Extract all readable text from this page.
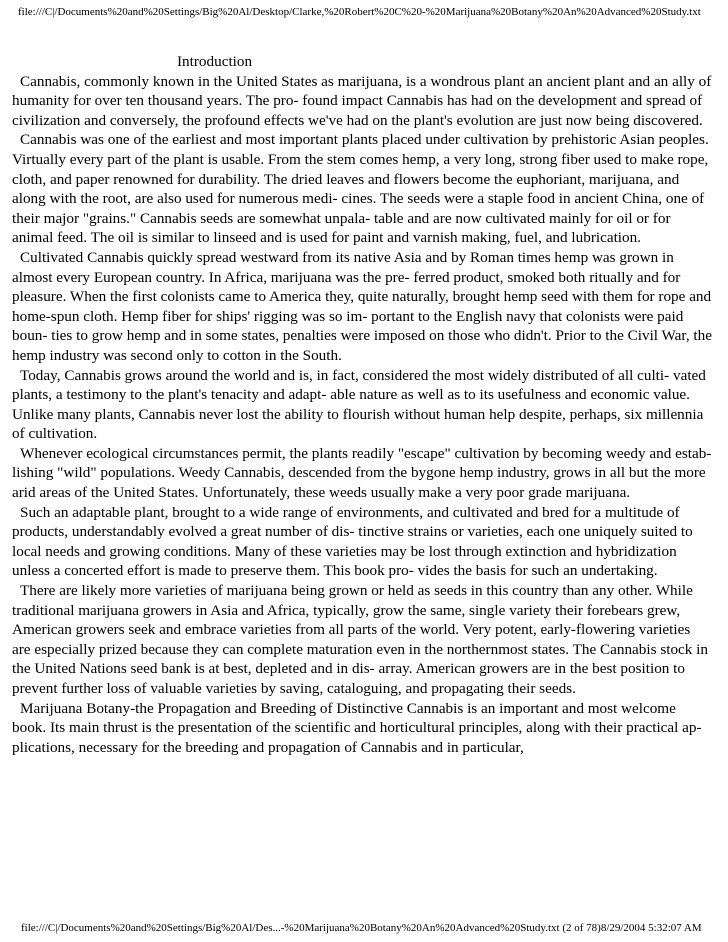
file:///C|/Documents%20and%20Settings/Big%20Al/Desktop/Clarke,%20Robert%20C%20-%20Marijuana%20Botany%20An%20Advanced%20Study.txt
Introduction
Cannabis, commonly known in the United States as marijuana, is a wondrous plant an ancient plant and an ally of humanity for over ten thousand years. The pro- found impact Cannabis has had on the development and spread of civilization and conversely, the profound effects we've had on the plant's evolution are just now being discovered.
Cannabis was one of the earliest and most important plants placed under cultivation by prehistoric Asian peoples. Virtually every part of the plant is usable. From the stem comes hemp, a very long, strong fiber used to make rope, cloth, and paper renowned for durability. The dried leaves and flowers become the euphoriant, marijuana, and along with the root, are also used for numerous medi- cines. The seeds were a staple food in ancient China, one of their major "grains." Cannabis seeds are somewhat unpala- table and are now cultivated mainly for oil or for animal feed. The oil is similar to linseed and is used for paint and varnish making, fuel, and lubrication.
Cultivated Cannabis quickly spread westward from its native Asia and by Roman times hemp was grown in almost every European country. In Africa, marijuana was the pre- ferred product, smoked both ritually and for pleasure. When the first colonists came to America they, quite naturally, brought hemp seed with them for rope and home-spun cloth. Hemp fiber for ships' rigging was so im- portant to the English navy that colonists were paid boun- ties to grow hemp and in some states, penalties were imposed on those who didn't. Prior to the Civil War, the hemp industry was second only to cotton in the South.
Today, Cannabis grows around the world and is, in fact, considered the most widely distributed of all culti- vated plants, a testimony to the plant's tenacity and adapt- able nature as well as to its usefulness and economic value. Unlike many plants, Cannabis never lost the ability to flourish without human help despite, perhaps, six millennia of cultivation.
Whenever ecological circumstances permit, the plants readily "escape" cultivation by becoming weedy and estab- lishing "wild" populations. Weedy Cannabis, descended from the bygone hemp industry, grows in all but the more arid areas of the United States. Unfortunately, these weeds usually make a very poor grade marijuana.
Such an adaptable plant, brought to a wide range of environments, and cultivated and bred for a multitude of products, understandably evolved a great number of dis- tinctive strains or varieties, each one uniquely suited to local needs and growing conditions. Many of these varieties may be lost through extinction and hybridization unless a concerted effort is made to preserve them. This book pro- vides the basis for such an undertaking.
There are likely more varieties of marijuana being grown or held as seeds in this country than any other. While traditional marijuana growers in Asia and Africa, typically, grow the same, single variety their forebears grew, American growers seek and embrace varieties from all parts of the world. Very potent, early-flowering varieties are especially prized because they can complete maturation even in the northernmost states. The Cannabis stock in the United Nations seed bank is at best, depleted and in dis- array. American growers are in the best position to prevent further loss of valuable varieties by saving, cataloguing, and propagating their seeds.
Marijuana Botany-the Propagation and Breeding of Distinctive Cannabis is an important and most welcome book. Its main thrust is the presentation of the scientific and horticultural principles, along with their practical ap- plications, necessary for the breeding and propagation of Cannabis and in particular,
file:///C|/Documents%20and%20Settings/Big%20Al/Des...-%20Marijuana%20Botany%20An%20Advanced%20Study.txt (2 of 78)8/29/2004 5:32:07 AM
